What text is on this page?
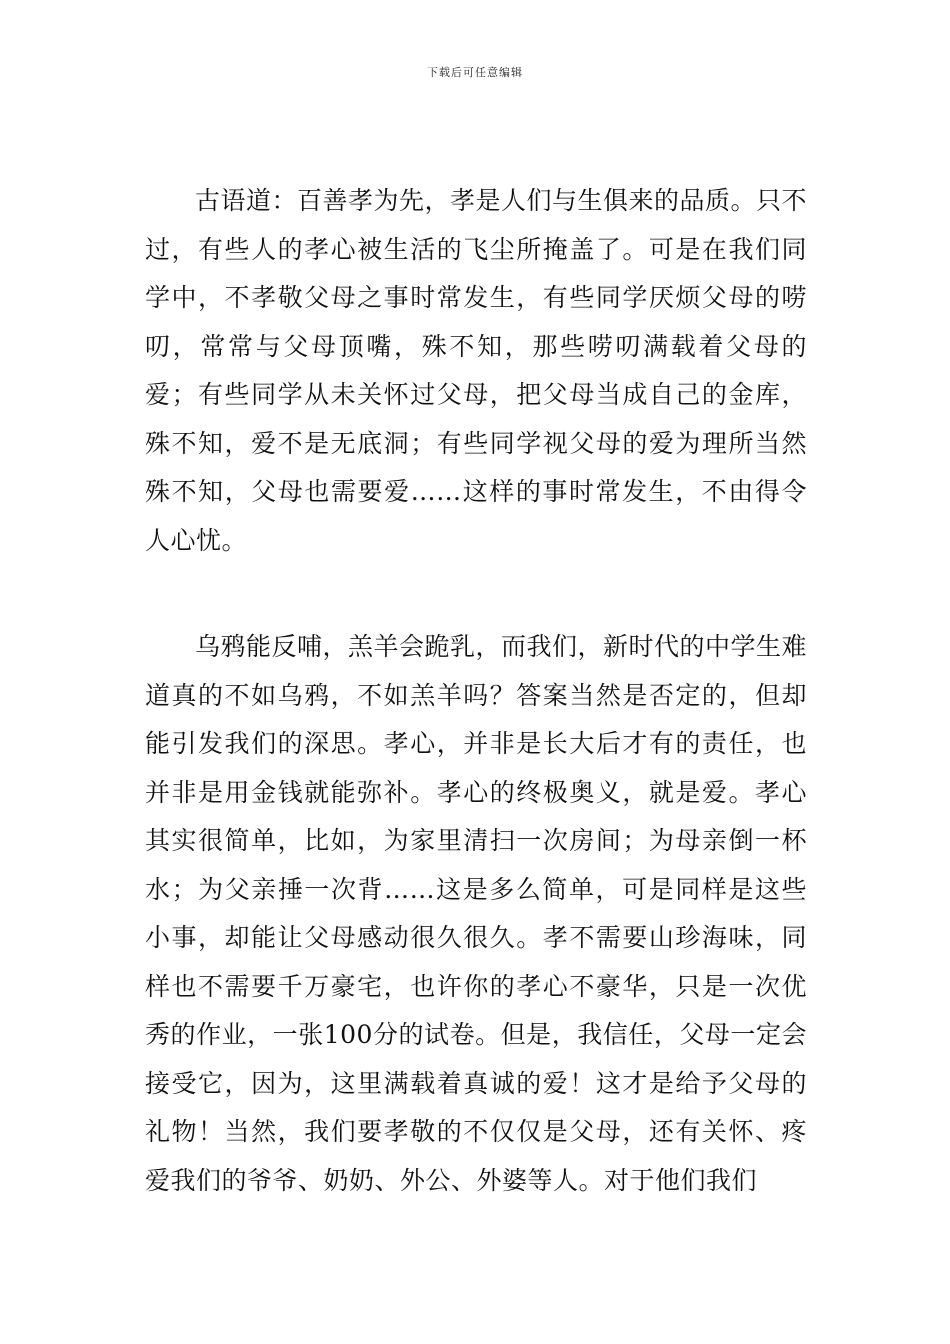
下载后可任意编辑

古语道：百善孝为先，孝是人们与生俱来的品质。只不过，有些人的孝心被生活的飞尘所掩盖了。可是在我们同学中，不孝敬父母之事时常发生，有些同学厌烦父母的唠叨，常常与父母顶嘴，殊不知，那些唠叨满载着父母的爱；有些同学从未关怀过父母，把父母当成自己的金库，殊不知，爱不是无底洞；有些同学视父母的爱为理所当然殊不知，父母也需要爱……这样的事时常发生，不由得令人心忧。

乌鸦能反哺，羔羊会跪乳，而我们，新时代的中学生难道真的不如乌鸦，不如羔羊吗？答案当然是否定的，但却能引发我们的深思。孝心，并非是长大后才有的责任，也并非是用金钱就能弥补。孝心的终极奥义，就是爱。孝心其实很简单，比如，为家里清扫一次房间；为母亲倒一杯水；为父亲捶一次背……这是多么简单，可是同样是这些小事，却能让父母感动很久很久。孝不需要山珍海味，同样也不需要千万豪宅，也许你的孝心不豪华，只是一次优秀的作业，一张100分的试卷。但是，我信任，父母一定会接受它，因为，这里满载着真诚的爱！这才是给予父母的礼物！当然，我们要孝敬的不仅仅是父母，还有关怀、疼爱我们的爷爷、奶奶、外公、外婆等人。对于他们我们
